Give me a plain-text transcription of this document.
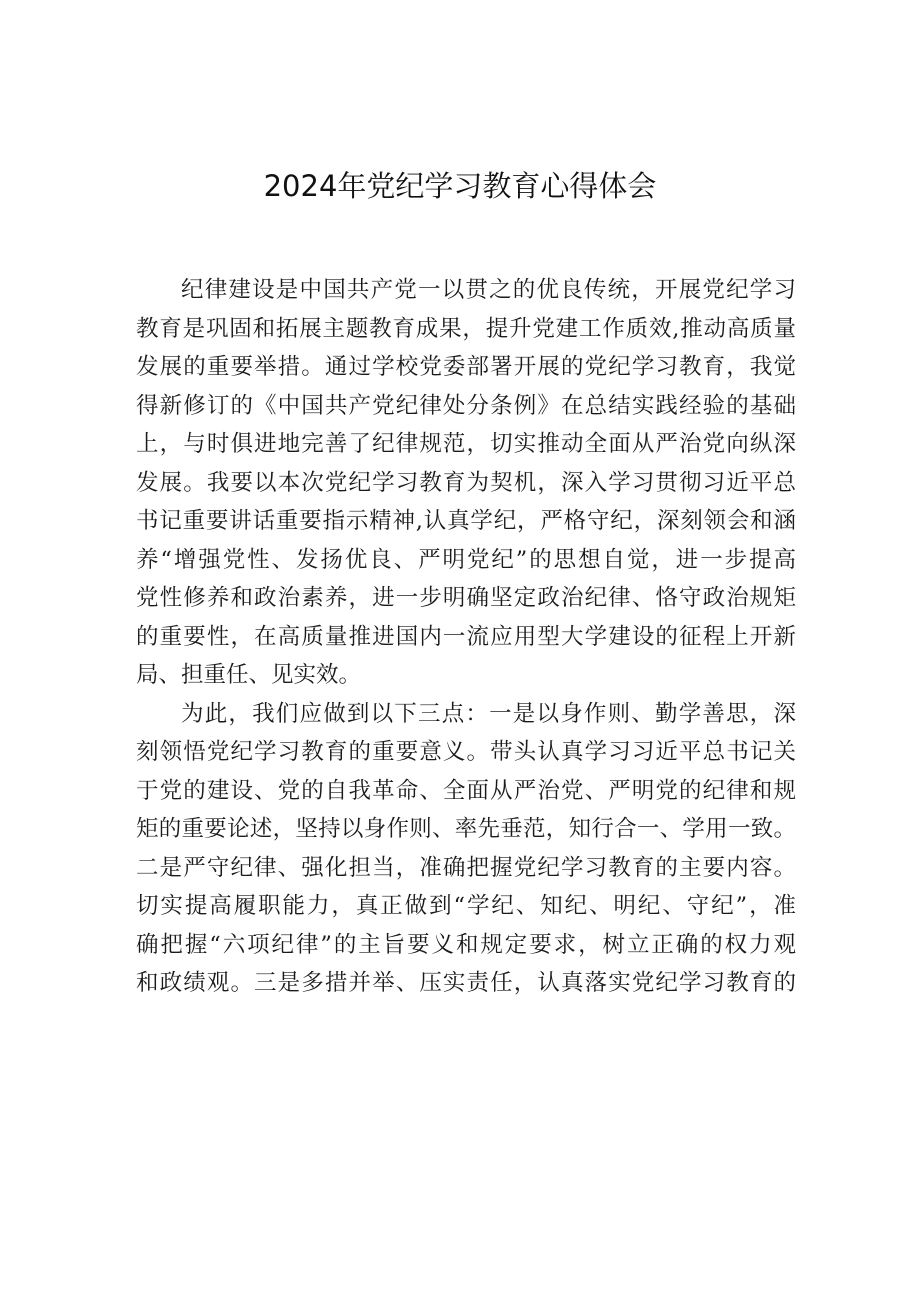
2024年党纪学习教育心得体会
纪律建设是中国共产党一以贯之的优良传统，开展党纪学习
教育是巩固和拓展主题教育成果，提升党建工作质效,推动高质量
发展的重要举措。通过学校党委部署开展的党纪学习教育，我觉
得新修订的《中国共产党纪律处分条例》在总结实践经验的基础
上，与时俱进地完善了纪律规范，切实推动全面从严治党向纵深
发展。我要以本次党纪学习教育为契机，深入学习贯彻习近平总
书记重要讲话重要指示精神,认真学纪，严格守纪，深刻领会和涵
养“增强党性、发扬优良、严明党纪”的思想自觉，进一步提高
党性修养和政治素养，进一步明确坚定政治纪律、恪守政治规矩
的重要性，在高质量推进国内一流应用型大学建设的征程上开新
局、担重任、见实效。
为此，我们应做到以下三点：一是以身作则、勤学善思，深
刻领悟党纪学习教育的重要意义。带头认真学习习近平总书记关
于党的建设、党的自我革命、全面从严治党、严明党的纪律和规
矩的重要论述，坚持以身作则、率先垂范，知行合一、学用一致。
二是严守纪律、强化担当，准确把握党纪学习教育的主要内容。
切实提高履职能力，真正做到“学纪、知纪、明纪、守纪”，准
确把握“六项纪律”的主旨要义和规定要求，树立正确的权力观
和政绩观。三是多措并举、压实责任，认真落实党纪学习教育的
